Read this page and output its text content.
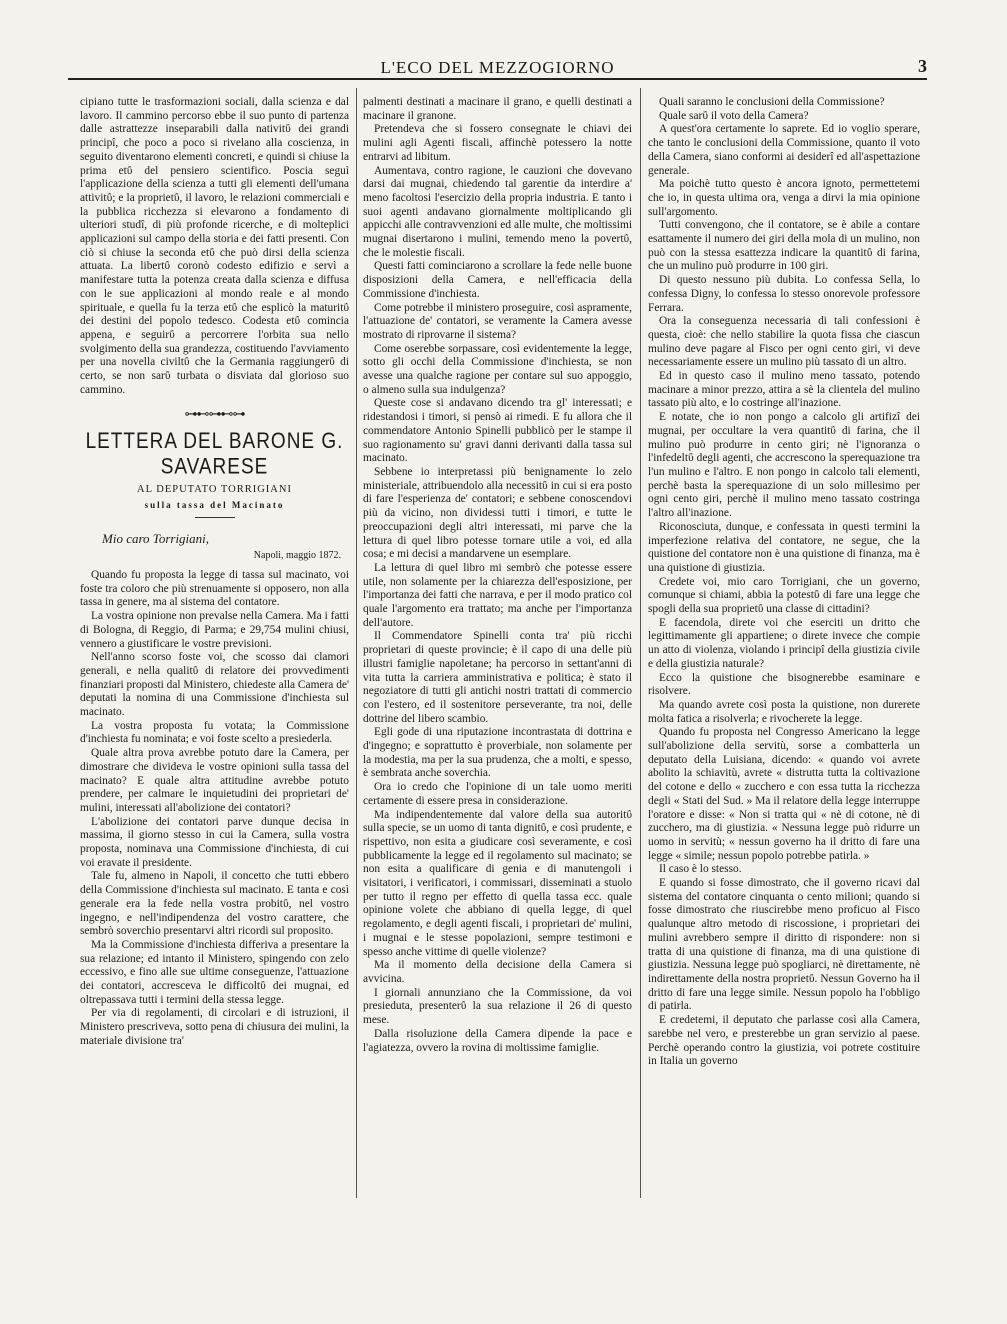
L'ECO DEL MEZZOGIORNO	3

cipiano tutte le trasformazioni sociali, dalla scienza e dal lavoro. Il cammino percorso ebbe il suo punto di partenza dalle astrattezze inseparabili dalla nativitΰ dei grandi principî, che poco a poco si rivelano alla coscienza, in seguito diventarono elementi concreti, e quindi si chiuse la prima etΰ del pensiero scientifico. Poscia seguì l'applicazione della scienza a tutti gli elementi dell'umana attivitΰ; e la proprietΰ, il lavoro, le relazioni commerciali e la pubblica ricchezza si elevarono a fondamento di ulteriori studî, di più profonde ricerche, e di molteplici applicazioni sul campo della storia e dei fatti presenti. Con ciò si chiuse la seconda etΰ che può dirsi della scienza attuata. La libertΰ coronò codesto edifizio e servì a manifestare tutta la potenza creata dalla scienza e diffusa con le sue applicazioni al mondo reale e al mondo spirituale, e quella fu la terza etΰ che esplicò la maturitΰ dei destini del popolo tedesco. Codesta etΰ comincia appena, e seguirΰ a percorrere l'orbita sua nello svolgimento della sua grandezza, costituendo l'avviamento per una novella civiltΰ che la Germania raggiungerΰ di certo, se non sarΰ turbata o disviata dal glorioso suo cammino.

⊶⊷⊶⊷⊶
LETTERA DEL BARONE G. SAVARESE
AL DEPUTATO TORRIGIANI
sulla tassa del Macinato

Mio caro Torrigiani,

Napoli, maggio 1872.

Quando fu proposta la legge di tassa sul macinato, voi foste tra coloro che più strenuamente si opposero, non alla tassa in genere, ma al sistema del contatore.

La vostra opinione non prevalse nella Camera. Ma i fatti di Bologna, di Reggio, di Parma; e 29,754 mulini chiusi, vennero a giustificare le vostre previsioni.

Nell'anno scorso foste voi, che scosso dai clamori generali, e nella qualitΰ di relatore dei provvedimenti finanziari proposti dal Ministero, chiedeste alla Camera de' deputati la nomina di una Commissione d'inchiesta sul macinato.

La vostra proposta fu votata; la Commissione d'inchiesta fu nominata; e voi foste scelto a presiederla.

Quale altra prova avrebbe potuto dare la Camera, per dimostrare che divideva le vostre opinioni sulla tassa del macinato? E quale altra attitudine avrebbe potuto prendere, per calmare le inquietudini dei proprietari de' mulini, interessati all'abolizione dei contatori?

L'abolizione dei contatori parve dunque decisa in massima, il giorno stesso in cui la Camera, sulla vostra proposta, nominava una Commissione d'inchiesta, di cui voi eravate il presidente.

Tale fu, almeno in Napoli, il concetto che tutti ebbero della Commissione d'inchiesta sul macinato. E tanta e così generale era la fede nella vostra probitΰ, nel vostro ingegno, e nell'indipendenza del vostro carattere, che sembrò soverchio presentarvi altri ricordi sul proposito.

Ma la Commissione d'inchiesta differiva a presentare la sua relazione; ed intanto il Ministero, spingendo con zelo eccessivo, e fino alle sue ultime conseguenze, l'attuazione dei contatori, accresceva le difficoltΰ dei mugnai, ed oltrepassava tutti i termini della stessa legge.

Per via di regolamenti, di circolari e di istruzioni, il Ministero prescriveva, sotto pena di chiusura dei mulini, la materiale divisione tra'

palmenti destinati a macinare il grano, e quelli destinati a macinare il granone.

Pretendeva che si fossero consegnate le chiavi dei mulini agli Agenti fiscali, affinchè potessero la notte entrarvi ad libitum.

Aumentava, contro ragione, le cauzioni che dovevano darsi dai mugnai, chiedendo tal garentie da interdire a' meno facoltosi l'esercizio della propria industria. E tanto i suoi agenti andavano giornalmente moltiplicando gli appicchi alle contravvenzioni ed alle multe, che moltissimi mugnai disertarono i mulini, temendo meno la povertΰ, che le molestie fiscali.

Questi fatti cominciarono a scrollare la fede nelle buone disposizioni della Camera, e nell'efficacia della Commissione d'inchiesta.

Come potrebbe il ministero proseguire, così aspramente, l'attuazione de' contatori, se veramente la Camera avesse mostrato di riprovarne il sistema?

Come oserebbe sorpassare, così evidentemente la legge, sotto gli occhi della Commissione d'inchiesta, se non avesse una qualche ragione per contare sul suo appoggio, o almeno sulla sua indulgenza?

Queste cose si andavano dicendo tra gl' interessati; e ridestandosi i timori, si pensò ai rimedi. E fu allora che il commendatore Antonio Spinelli pubblicò per le stampe il suo ragionamento su' gravi danni derivanti dalla tassa sul macinato.

Sebbene io interpretassi più benignamente lo zelo ministeriale, attribuendolo alla necessitΰ in cui si era posto di fare l'esperienza de' contatori; e sebbene conoscendovi più da vicino, non dividessi tutti i timori, e tutte le preoccupazioni degli altri interessati, mi parve che la lettura di quel libro potesse tornare utile a voi, ed alla cosa; e mi decisi a mandarvene un esemplare.

La lettura di quel libro mi sembrò che potesse essere utile, non solamente per la chiarezza dell'esposizione, per l'importanza dei fatti che narrava, e per il modo pratico col quale l'argomento era trattato; ma anche per l'importanza dell'autore.

Il Commendatore Spinelli conta tra' più ricchi proprietari di queste provincie; è il capo di una delle più illustri famiglie napoletane; ha percorso in settant'anni di vita tutta la carriera amministrativa e politica; è stato il negoziatore di tutti gli antichi nostri trattati di commercio con l'estero, ed il sostenitore perseverante, tra noi, delle dottrine del libero scambio.

Egli gode di una riputazione incontrastata di dottrina e d'ingegno; e soprattutto è proverbiale, non solamente per la modestia, ma per la sua prudenza, che a molti, e spesso, è sembrata anche soverchia.

Ora io credo che l'opinione di un tale uomo meriti certamente di essere presa in considerazione.

Ma indipendentemente dal valore della sua autoritΰ sulla specie, se un uomo di tanta dignitΰ, e così prudente, e rispettivo, non esita a giudicare così severamente, e così pubblicamente la legge ed il regolamento sul macinato; se non esita a qualificare di genia e di manutengoli i visitatori, i verificatori, i commissari, disseminati a stuolo per tutto il regno per effetto di quella tassa ecc. quale opinione volete che abbiano di quella legge, di quel regolamento, e degli agenti fiscali, i proprietari de' mulini, i mugnai e le stesse popolazioni, sempre testimoni e spesso anche vittime di quelle violenze?

Ma il momento della decisione della Camera si avvicina.

I giornali annunziano che la Commissione, da voi presieduta, presenterΰ la sua relazione il 26 di questo mese.

Dalla risoluzione della Camera dipende la pace e l'agiatezza, ovvero la rovina di moltissime famiglie.

Quali saranno le conclusioni della Commissione?

Quale sarΰ il voto della Camera?

A quest'ora certamente lo saprete. Ed io voglio sperare, che tanto le conclusioni della Commissione, quanto il voto della Camera, siano conformi ai desiderî ed all'aspettazione generale.

Ma poichè tutto questo è ancora ignoto, permettetemi che io, in questa ultima ora, venga a dirvi la mia opinione sull'argomento.

Tutti convengono, che il contatore, se è abile a contare esattamente il numero dei giri della mola di un mulino, non può con la stessa esattezza indicare la quantitΰ di farina, che un mulino può produrre in 100 giri.

Di questo nessuno più dubita. Lo confessa Sella, lo confessa Digny, lo confessa lo stesso onorevole professore Ferrara.

Ora la conseguenza necessaria di tali confessioni è questa, cioè: che nello stabilire la quota fissa che ciascun mulino deve pagare al Fisco per ogni cento giri, vi deve necessariamente essere un mulino più tassato di un altro.

Ed in questo caso il mulino meno tassato, potendo macinare a minor prezzo, attira a sè la clientela del mulino tassato più alto, e lo costringe all'inazione.

E notate, che io non pongo a calcolo gli artifizî dei mugnai, per occultare la vera quantitΰ di farina, che il mulino può produrre in cento giri; nè l'ignoranza o l'infedeltΰ degli agenti, che accrescono la sperequazione tra l'un mulino e l'altro. E non pongo in calcolo tali elementi, perchè basta la sperequazione di un solo millesimo per ogni cento giri, perchè il mulino meno tassato costringa l'altro all'inazione.

Riconosciuta, dunque, e confessata in questi termini la imperfezione relativa del contatore, ne segue, che la quistione del contatore non è una quistione di finanza, ma è una quistione di giustizia.

Credete voi, mio caro Torrigiani, che un governo, comunque si chiami, abbia la potestΰ di fare una legge che spogli della sua proprietΰ una classe di cittadini?

E facendola, direte voi che eserciti un dritto che legittimamente gli appartiene; o direte invece che compie un atto di violenza, violando i principî della giustizia civile e della giustizia naturale?

Ecco la quistione che bisognerebbe esaminare e risolvere.

Ma quando avrete così posta la quistione, non durerete molta fatica a risolverla; e rivocherete la legge.

Quando fu proposta nel Congresso Americano la legge sull'abolizione della servitù, sorse a combatterla un deputato della Luisiana, dicendo: « quando voi avrete abolito la schiavitù, avrete « distrutta tutta la coltivazione del cotone e dello « zucchero e con essa tutta la ricchezza degli « Stati del Sud. » Ma il relatore della legge interruppe l'oratore e disse: « Non si tratta qui « nè di cotone, nè di zucchero, ma di giustizia. « Nessuna legge può ridurre un uomo in servitù; « nessun governo ha il dritto di fare una legge « simile; nessun popolo potrebbe patirla. »

Il caso è lo stesso.

E quando si fosse dimostrato, che il governo ricavi dal sistema del contatore cinquanta o cento milioni; quando si fosse dimostrato che riuscirebbe meno proficuo al Fisco qualunque altro metodo di riscossione, i proprietari dei mulini avrebbero sempre il diritto di rispondere: non si tratta di una quistione di finanza, ma di una quistione di giustizia. Nessuna legge può spogliarci, nè direttamente, nè indirettamente della nostra proprietΰ. Nessun Governo ha il dritto di fare una legge simile. Nessun popolo ha l'obbligo di patirla.

E credetemi, il deputato che parlasse così alla Camera, sarebbe nel vero, e presterebbe un gran servizio al paese. Perchè operando contro la giustizia, voi potrete costituire in Italia un governo
